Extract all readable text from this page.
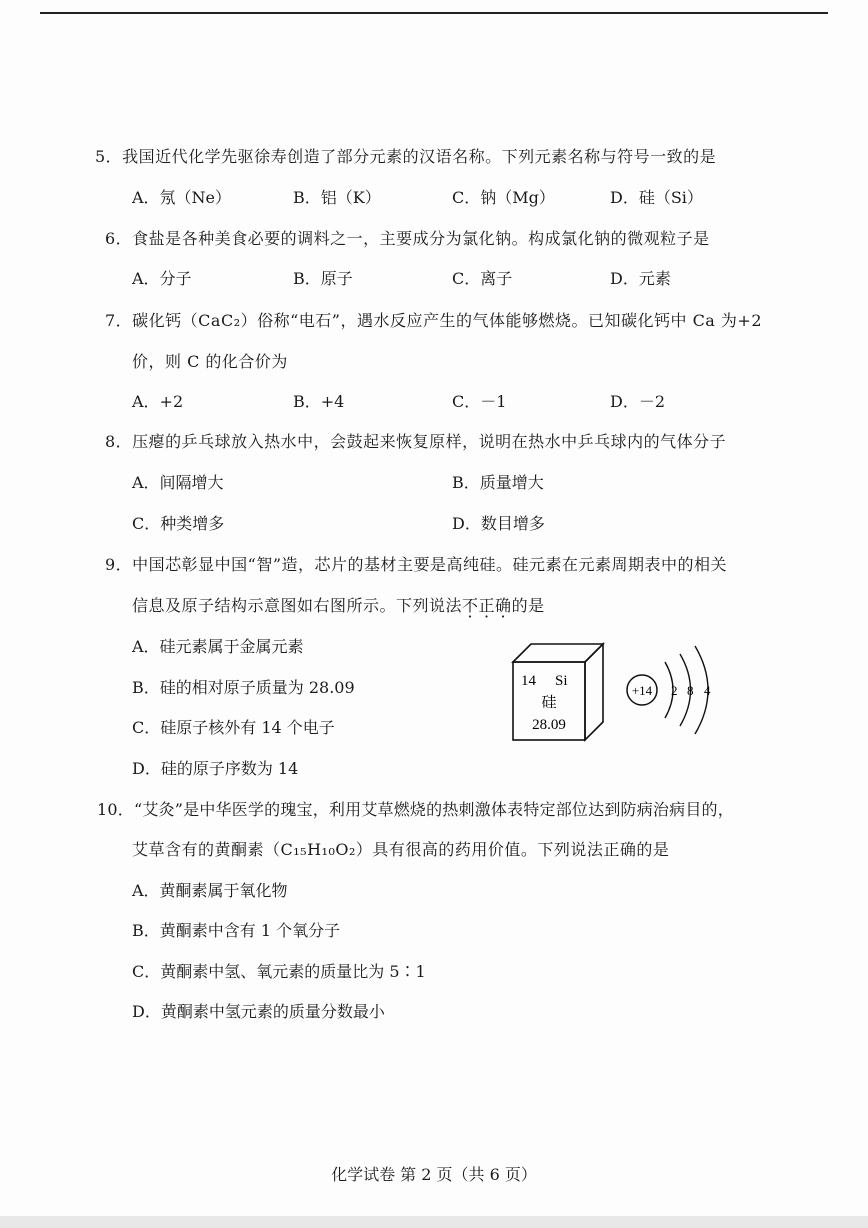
5．我国近代化学先驱徐寿创造了部分元素的汉语名称。下列元素名称与符号一致的是
A．氖（Ne）	B．铝（K）	C．钠（Mg）	D．硅（Si）
6．食盐是各种美食必要的调料之一，主要成分为氯化钠。构成氯化钠的微观粒子是
A．分子	B．原子	C．离子	D．元素
7．碳化钙（CaC₂）俗称“电石”，遇水反应产生的气体能够燃烧。已知碳化钙中 Ca 为+2
价，则 C 的化合价为
A．+2	B．+4	C．－1	D．－2
8．压瘪的乒乓球放入热水中，会鼓起来恢复原样，说明在热水中乒乓球内的气体分子
A．间隔增大	B．质量增大
C．种类增多	D．数目增多
9．中国芯彰显中国“智”造，芯片的基材主要是高纯硅。硅元素在元素周期表中的相关
信息及原子结构示意图如右图所示。下列说法不正确的是
A．硅元素属于金属元素
B．硅的相对原子质量为 28.09
C．硅原子核外有 14 个电子
D．硅的原子序数为 14
14 Si
硅
28.09
+14 2 8 4
10．“艾灸”是中华医学的瑰宝，利用艾草燃烧的热刺激体表特定部位达到防病治病目的，
艾草含有的黄酮素（C₁₅H₁₀O₂）具有很高的药用价值。下列说法正确的是
A．黄酮素属于氧化物
B．黄酮素中含有 1 个氧分子
C．黄酮素中氢、氧元素的质量比为 5∶1
D．黄酮素中氢元素的质量分数最小
化学试卷 第 2 页（共 6 页）
